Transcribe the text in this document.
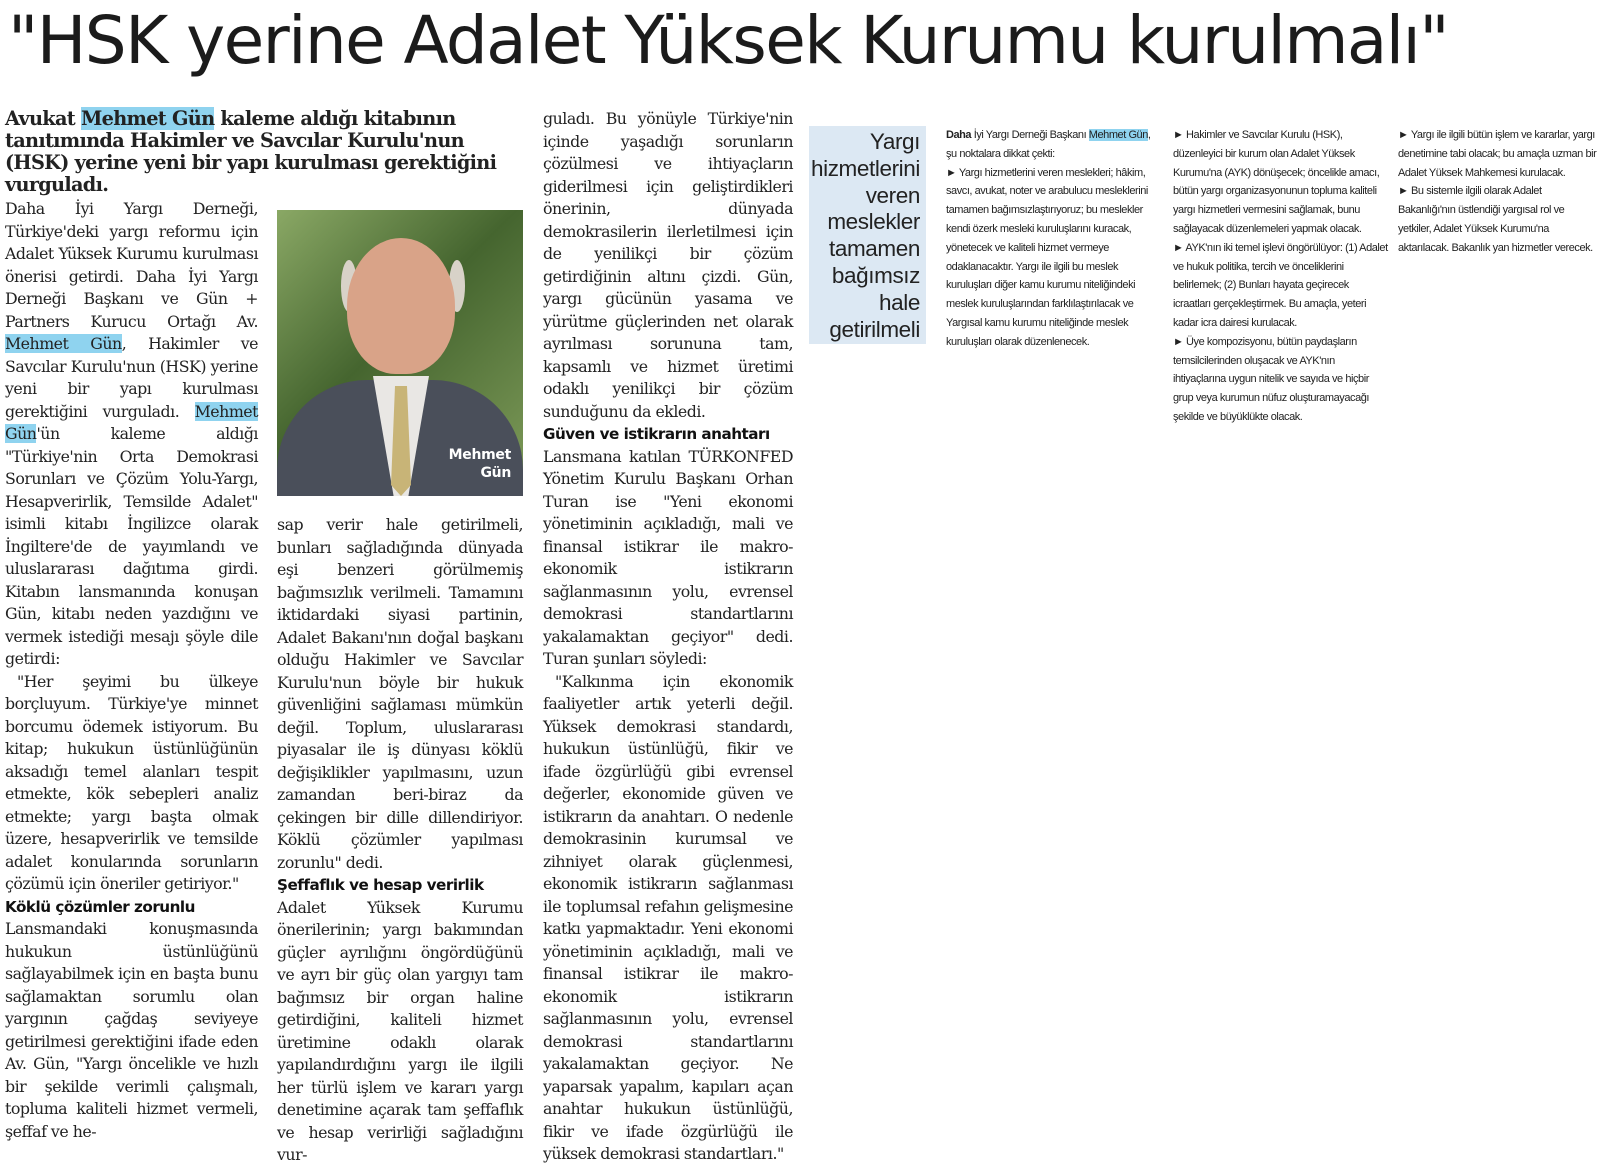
"HSK yerine Adalet Yüksek Kurumu kurulmalı"
Avukat Mehmet Gün kaleme aldığı kitabının tanıtımında Hakimler ve Savcılar Kurulu'nun (HSK) yerine yeni bir yapı kurulması gerektiğini vurguladı.

Daha İyi Yargı Derneği, Türkiye'deki yargı reformu için Adalet Yüksek Kurumu kurulması önerisi getirdi. Daha İyi Yargı Derneği Başkanı ve Gün + Partners Kurucu Ortağı Av. Mehmet Gün, Hakimler ve Savcılar Kurulu'nun (HSK) yerine yeni bir yapı kurulması gerektiğini vurguladı. Mehmet Gün'ün kaleme aldığı "Türkiye'nin Orta Demokrasi Sorunları ve Çözüm Yolu-Yargı, Hesapverirlik, Temsilde Adalet" isimli kitabı İngilizce olarak İngiltere'de de yayımlandı ve uluslararası dağıtıma girdi. Kitabın lansmanında konuşan Gün, kitabı neden yazdığını ve vermek istediği mesajı şöyle dile getirdi:

"Her şeyimi bu ülkeye borçluyum. Türkiye'ye minnet borcumu ödemek istiyorum. Bu kitap; hukukun üstünlüğünün aksadığı temel alanları tespit etmekte, kök sebepleri analiz etmekte; yargı başta olmak üzere, hesapverirlik ve temsilde adalet konularında sorunların çözümü için öneriler getiriyor."

Köklü çözümler zorunlu

Lansmandaki konuşmasında hukukun üstünlüğünü sağlayabilmek için en başta bunu sağlamaktan sorumlu olan yargının çağdaş seviyeye getirilmesi gerektiğini ifade eden Av. Gün, "Yargı öncelikle ve hızlı bir şekilde verimli çalışmalı, topluma kaliteli hizmet vermeli, şeffaf ve he-

Mehmet
Gün

sap verir hale getirilmeli, bunları sağladığında dünyada eşi benzeri görülmemiş bağımsızlık verilmeli. Tamamını iktidardaki siyasi partinin, Adalet Bakanı'nın doğal başkanı olduğu Hakimler ve Savcılar Kurulu'nun böyle bir hukuk güvenliğini sağlaması mümkün değil. Toplum, uluslararası piyasalar ile iş dünyası köklü değişiklikler yapılmasını, uzun zamandan beri-biraz da çekingen bir dille dillendiriyor. Köklü çözümler yapılması zorunlu" dedi.

Şeffaflık ve hesap verirlik

Adalet Yüksek Kurumu önerilerinin; yargı bakımından güçler ayrılığını öngördüğünü ve ayrı bir güç olan yargıyı tam bağımsız bir organ haline getirdiğini, kaliteli hizmet üretimine odaklı olarak yapılandırdığını yargı ile ilgili her türlü işlem ve kararı yargı denetimine açarak tam şeffaflık ve hesap verirliği sağladığını vur-

guladı. Bu yönüyle Türkiye'nin içinde yaşadığı sorunların çözülmesi ve ihtiyaçların giderilmesi için geliştirdikleri önerinin, dünyada demokrasilerin ilerletilmesi için de yenilikçi bir çözüm getirdiğinin altını çizdi. Gün, yargı gücünün yasama ve yürütme güçlerinden net olarak ayrılması sorununa tam, kapsamlı ve hizmet üretimi odaklı yenilikçi bir çözüm sunduğunu da ekledi.

Güven ve istikrarın anahtarı

Lansmana katılan TÜRKONFED Yönetim Kurulu Başkanı Orhan Turan ise "Yeni ekonomi yönetiminin açıkladığı, mali ve finansal istikrar ile makro-ekonomik istikrarın sağlanmasının yolu, evrensel demokrasi standartlarını yakalamaktan geçiyor" dedi. Turan şunları söyledi:

"Kalkınma için ekonomik faaliyetler artık yeterli değil. Yüksek demokrasi standardı, hukukun üstünlüğü, fikir ve ifade özgürlüğü gibi evrensel değerler, ekonomide güven ve istikrarın da anahtarı. O nedenle demokrasinin kurumsal ve zihniyet olarak güçlenmesi, ekonomik istikrarın sağlanması ile toplumsal refahın gelişmesine katkı yapmaktadır. Yeni ekonomi yönetiminin açıkladığı, mali ve finansal istikrar ile makro-ekonomik istikrarın sağlanmasının yolu, evrensel demokrasi standartlarını yakalamaktan geçiyor. Ne yaparsak yapalım, kapıları açan anahtar hukukun üstünlüğü, fikir ve ifade özgürlüğü ile yüksek demokrasi standartları."

Yargı hizmetlerini veren meslekler tamamen bağımsız hale getirilmeli

Daha İyi Yargı Derneği Başkanı Mehmet Gün, şu noktalara dikkat çekti:

► Yargı hizmetlerini veren meslekleri; hâkim, savcı, avukat, noter ve arabulucu mesleklerini tamamen bağımsızlaştırıyoruz; bu meslekler kendi özerk mesleki kuruluşlarını kuracak, yönetecek ve kaliteli hizmet vermeye odaklanacaktır. Yargı ile ilgili bu meslek kuruluşları diğer kamu kurumu niteliğindeki meslek kuruluşlarından farklılaştırılacak ve Yargısal kamu kurumu niteliğinde meslek kuruluşları olarak düzenlenecek.

► Hakimler ve Savcılar Kurulu (HSK), düzenleyici bir kurum olan Adalet Yüksek Kurumu'na (AYK) dönüşecek; öncelikle amacı, bütün yargı organizasyonunun topluma kaliteli yargı hizmetleri vermesini sağlamak, bunu sağlayacak düzenlemeleri yapmak olacak.

► AYK'nın iki temel işlevi öngörülüyor: (1) Adalet ve hukuk politika, tercih ve önceliklerini belirlemek; (2) Bunları hayata geçirecek icraatları gerçekleştirmek. Bu amaçla, yeteri kadar icra dairesi kurulacak.

► Üye kompozisyonu, bütün paydaşların temsilcilerinden oluşacak ve AYK'nın ihtiyaçlarına uygun nitelik ve sayıda ve hiçbir grup veya kurumun nüfuz oluşturamayacağı şekilde ve büyüklükte olacak.

► Yargı ile ilgili bütün işlem ve kararlar, yargı denetimine tabi olacak; bu amaçla uzman bir Adalet Yüksek Mahkemesi kurulacak.

► Bu sistemle ilgili olarak Adalet Bakanlığı'nın üstlendiği yargısal rol ve yetkiler, Adalet Yüksek Kurumu'na aktarılacak. Bakanlık yan hizmetler verecek.
